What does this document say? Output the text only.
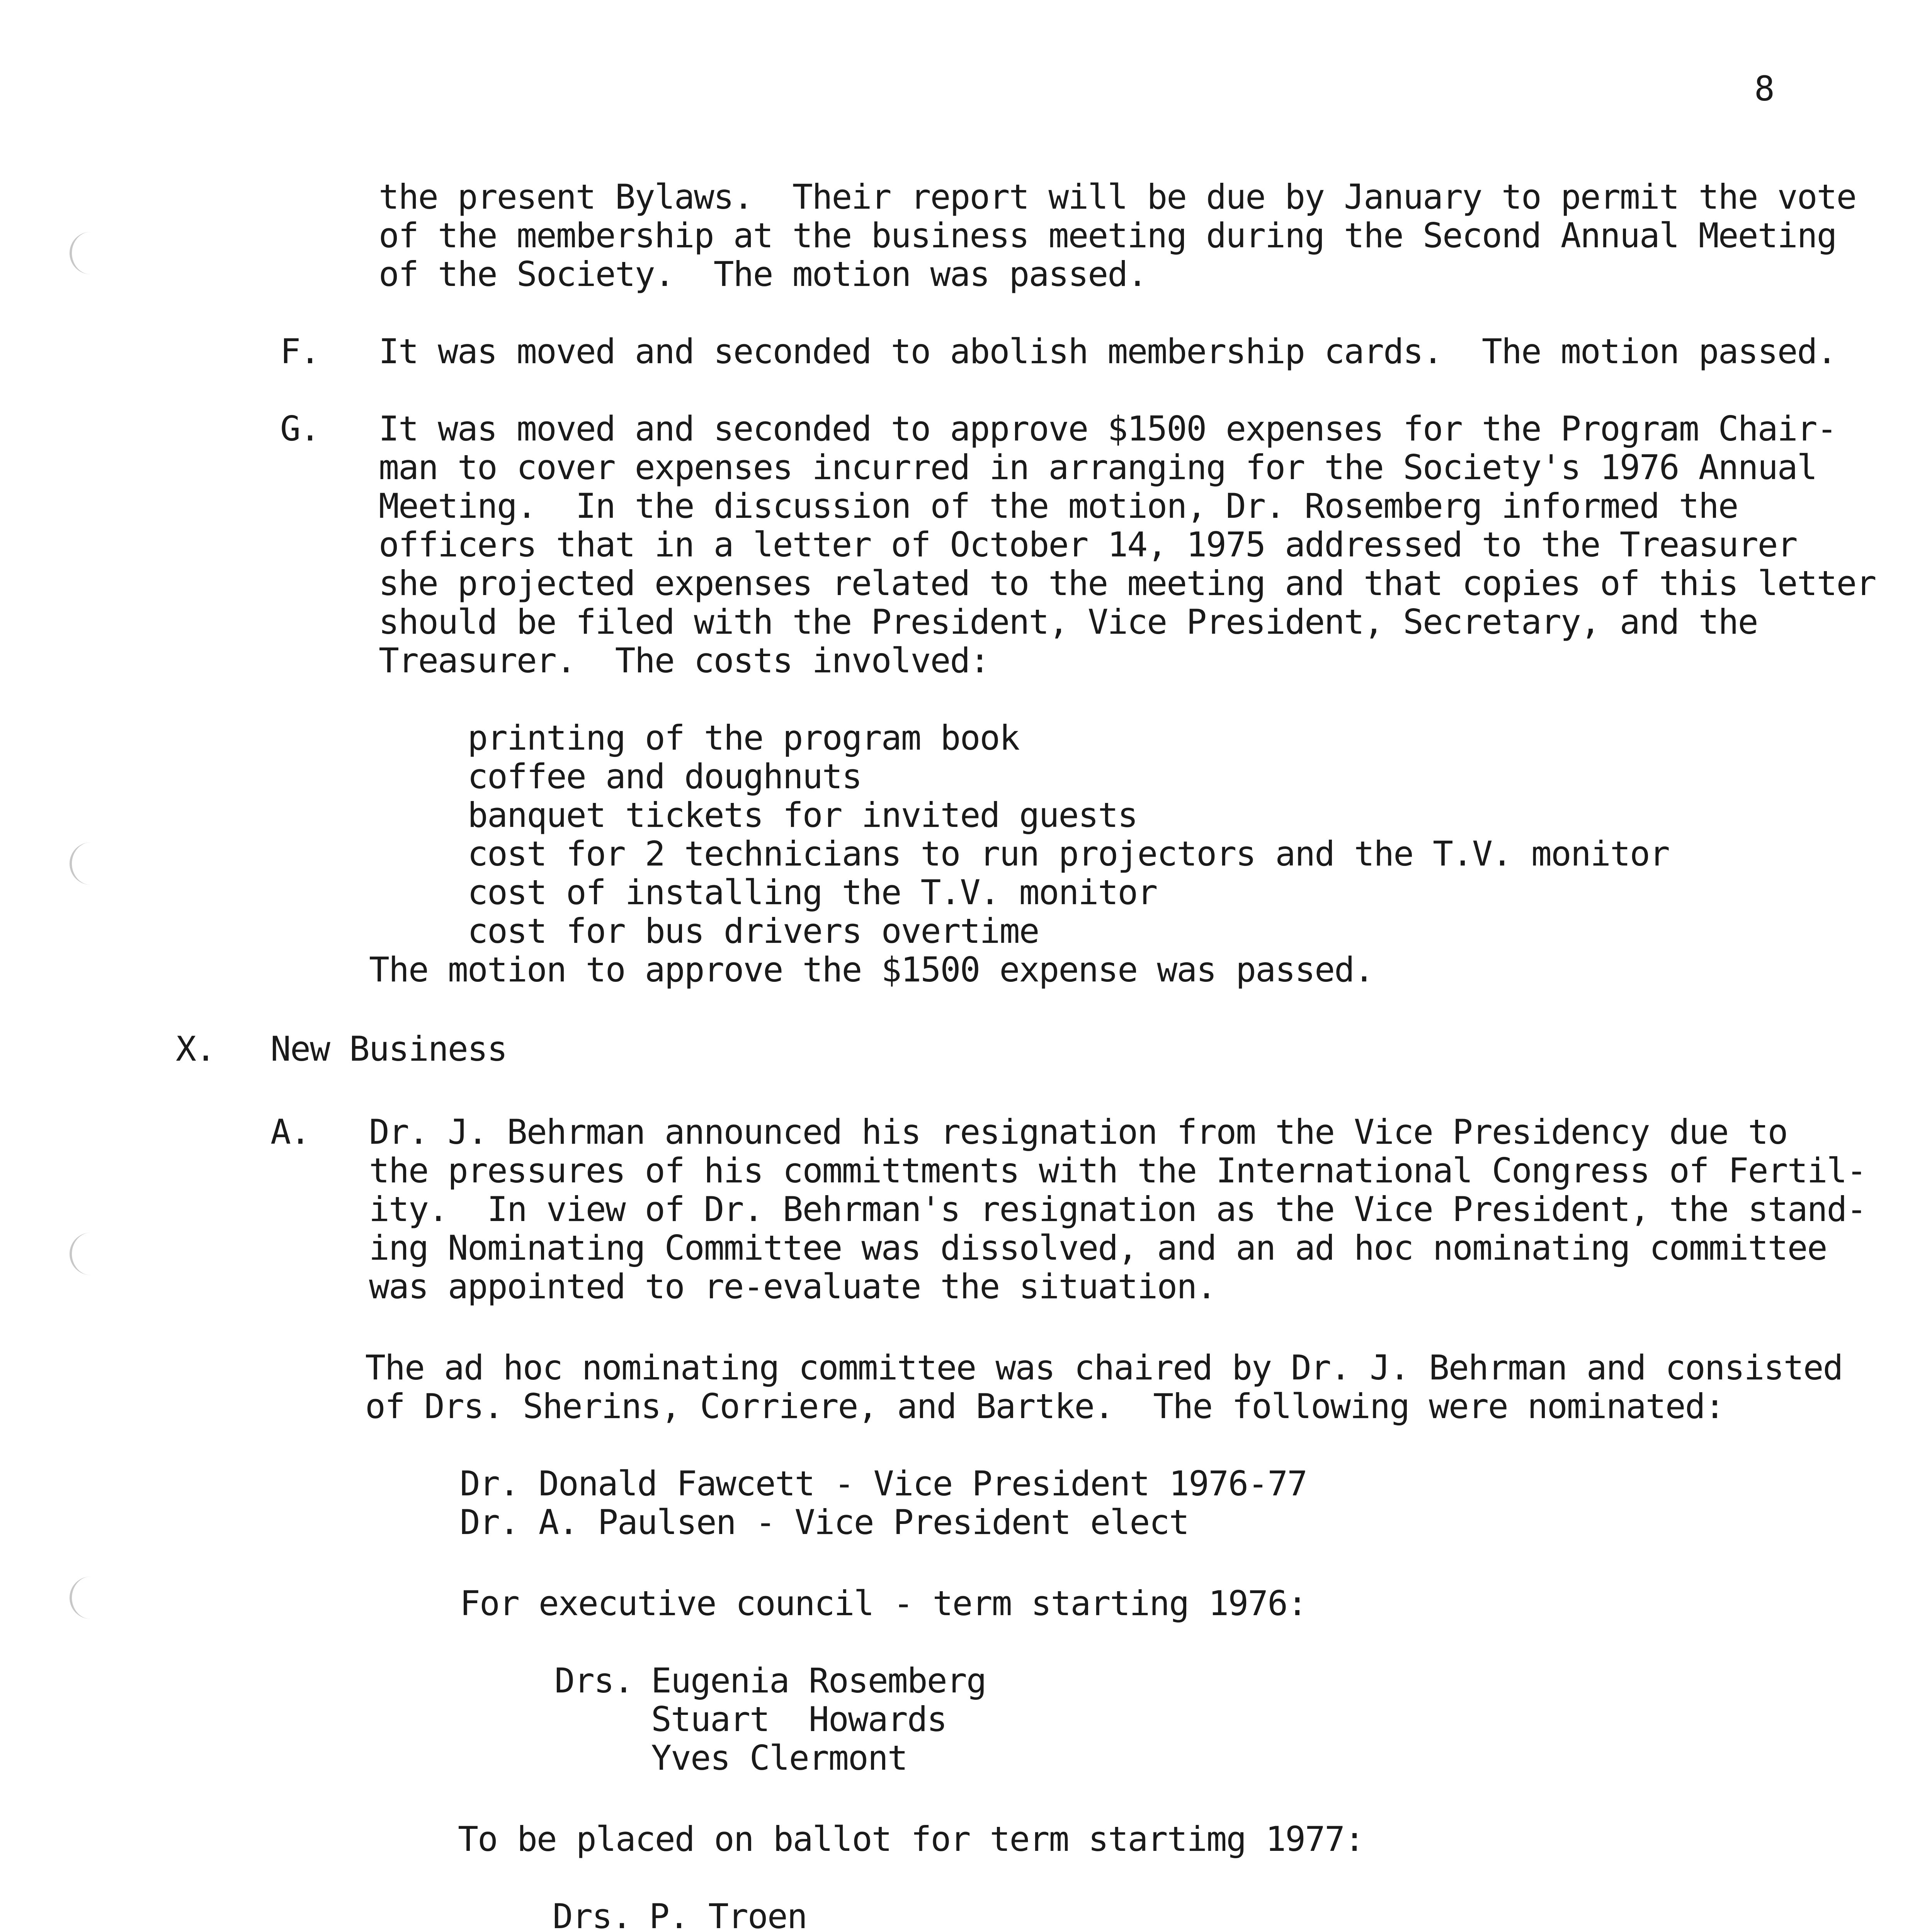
8
the present Bylaws.  Their report will be due by January to permit the vote
of the membership at the business meeting during the Second Annual Meeting
of the Society.  The motion was passed.
F. It was moved and seconded to abolish membership cards.  The motion passed.
G. It was moved and seconded to approve $1500 expenses for the Program Chair-
man to cover expenses incurred in arranging for the Society's 1976 Annual
Meeting.  In the discussion of the motion, Dr. Rosemberg informed the
officers that in a letter of October 14, 1975 addressed to the Treasurer
she projected expenses related to the meeting and that copies of this letter
should be filed with the President, Vice President, Secretary, and the
Treasurer.  The costs involved:
printing of the program book
coffee and doughnuts
banquet tickets for invited guests
cost for 2 technicians to run projectors and the T.V. monitor
cost of installing the T.V. monitor
cost for bus drivers overtime
The motion to approve the $1500 expense was passed.
X. New Business
A. Dr. J. Behrman announced his resignation from the Vice Presidency due to
the pressures of his committments with the International Congress of Fertil-
ity.  In view of Dr. Behrman's resignation as the Vice President, the stand-
ing Nominating Committee was dissolved, and an ad hoc nominating committee
was appointed to re-evaluate the situation.
The ad hoc nominating committee was chaired by Dr. J. Behrman and consisted
of Drs. Sherins, Corriere, and Bartke.  The following were nominated:
Dr. Donald Fawcett - Vice President 1976-77
Dr. A. Paulsen - Vice President elect
For executive council - term starting 1976:
Drs. Eugenia Rosemberg
Stuart  Howards
Yves Clermont
To be placed on ballot for term startimg 1977:
Drs. P. Troen
